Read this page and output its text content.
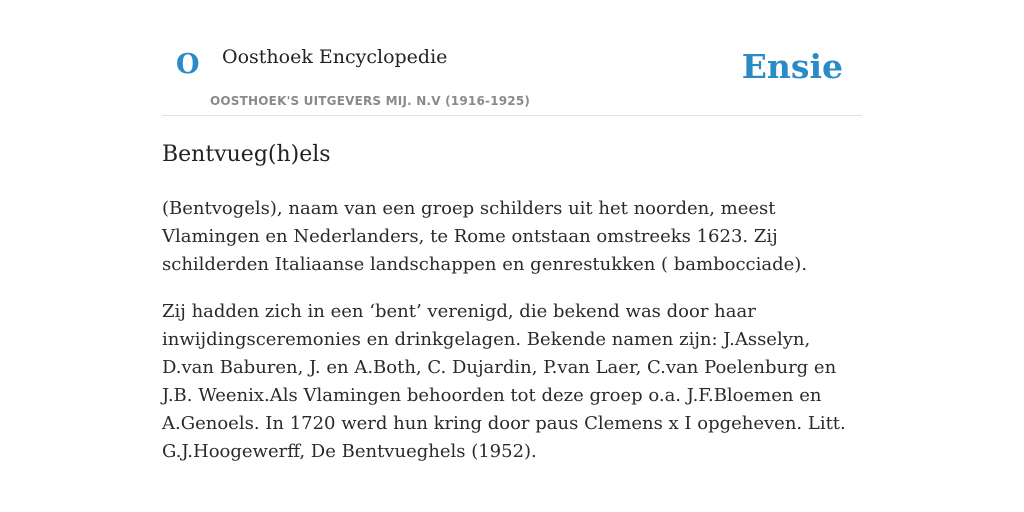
O Oosthoek Encyclopedie
OOSTHOEK'S UITGEVERS MIJ. N.V (1916-1925)
Ensie
Bentvueg(h)els

(Bentvogels), naam van een groep schilders uit het noorden, meest Vlamingen en Nederlanders, te Rome ontstaan omstreeks 1623. Zij schilderden Italiaanse landschappen en genrestukken ( bambocciade).

Zij hadden zich in een ‘bent’ verenigd, die bekend was door haar inwijdingsceremonies en drinkgelagen. Bekende namen zijn: J.Asselyn, D.van Baburen, J. en A.Both, C. Dujardin, P.van Laer, C.van Poelenburg en J.B. Weenix.Als Vlamingen behoorden tot deze groep o.a. J.F.Bloemen en A.Genoels. In 1720 werd hun kring door paus Clemens x I opgeheven. Litt. G.J.Hoogewerff, De Bentvueghels (1952).
